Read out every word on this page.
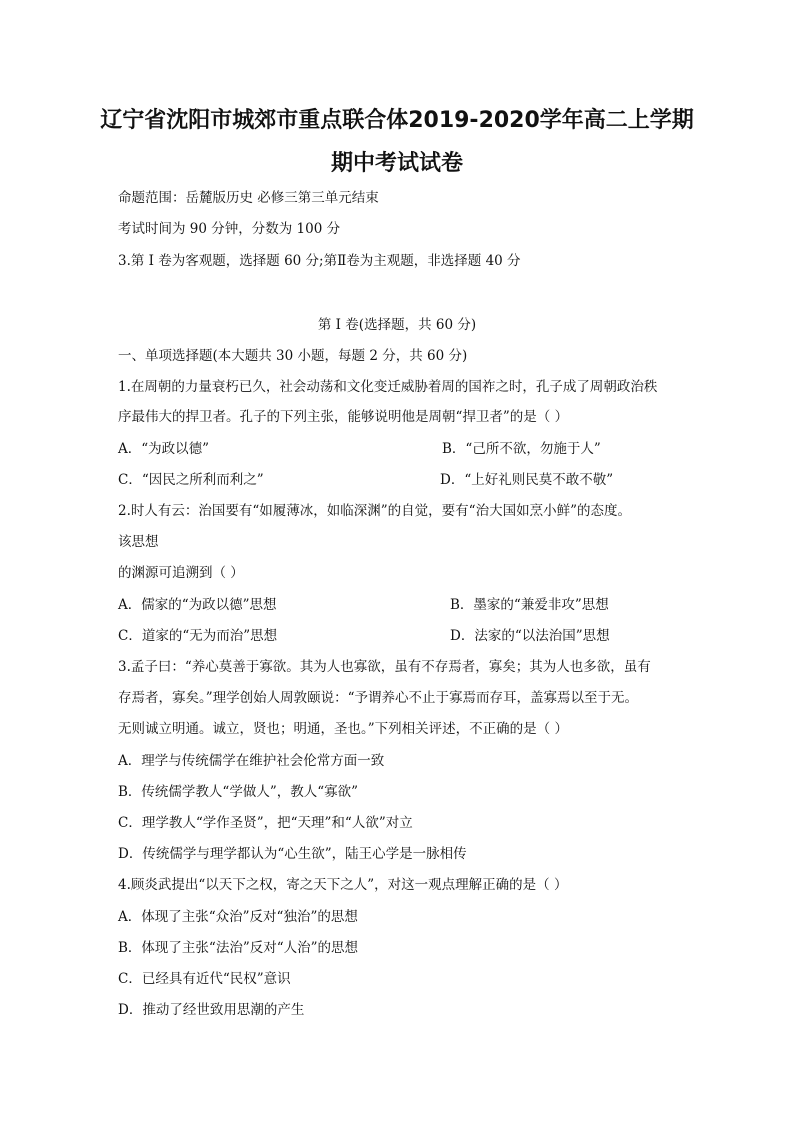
辽宁省沈阳市城郊市重点联合体2019-2020学年高二上学期
期中考试试卷
命题范围：岳麓版历史 必修三第三单元结束
考试时间为 90 分钟，分数为 100 分
3.第 I 卷为客观题，选择题 60 分;第Ⅱ卷为主观题，非选择题 40 分
第 I 卷(选择题，共 60 分)
一、单项选择题(本大题共 30 小题，每题 2 分，共 60 分)
1.在周朝的力量衰朽已久，社会动荡和文化变迁威胁着周的国祚之时，孔子成了周朝政治秩
序最伟大的捍卫者。孔子的下列主张，能够说明他是周朝“捍卫者”的是（ ）
A．“为政以德”	B．“己所不欲，勿施于人”
C．“因民之所利而利之”	D．“上好礼则民莫不敢不敬”
2.时人有云：治国要有“如履薄冰，如临深渊”的自觉，要有“治大国如烹小鲜”的态度。
该思想
的渊源可追溯到（ ）
A．儒家的“为政以德”思想	B．墨家的“兼爱非攻”思想
C．道家的“无为而治”思想	D．法家的“以法治国”思想
3.孟子曰：“养心莫善于寡欲。其为人也寡欲，虽有不存焉者，寡矣；其为人也多欲，虽有
存焉者，寡矣。”理学创始人周敦颐说：“予谓养心不止于寡焉而存耳，盖寡焉以至于无。
无则诚立明通。诚立，贤也；明通，圣也。”下列相关评述，不正确的是（ ）
A．理学与传统儒学在维护社会伦常方面一致
B．传统儒学教人“学做人”，教人“寡欲”
C．理学教人“学作圣贤”，把“天理”和“人欲”对立
D．传统儒学与理学都认为“心生欲”，陆王心学是一脉相传
4.顾炎武提出“以天下之权，寄之天下之人”，对这一观点理解正确的是（ ）
A．体现了主张“众治”反对“独治”的思想
B．体现了主张“法治”反对“人治”的思想
C．已经具有近代“民权”意识
D．推动了经世致用思潮的产生
